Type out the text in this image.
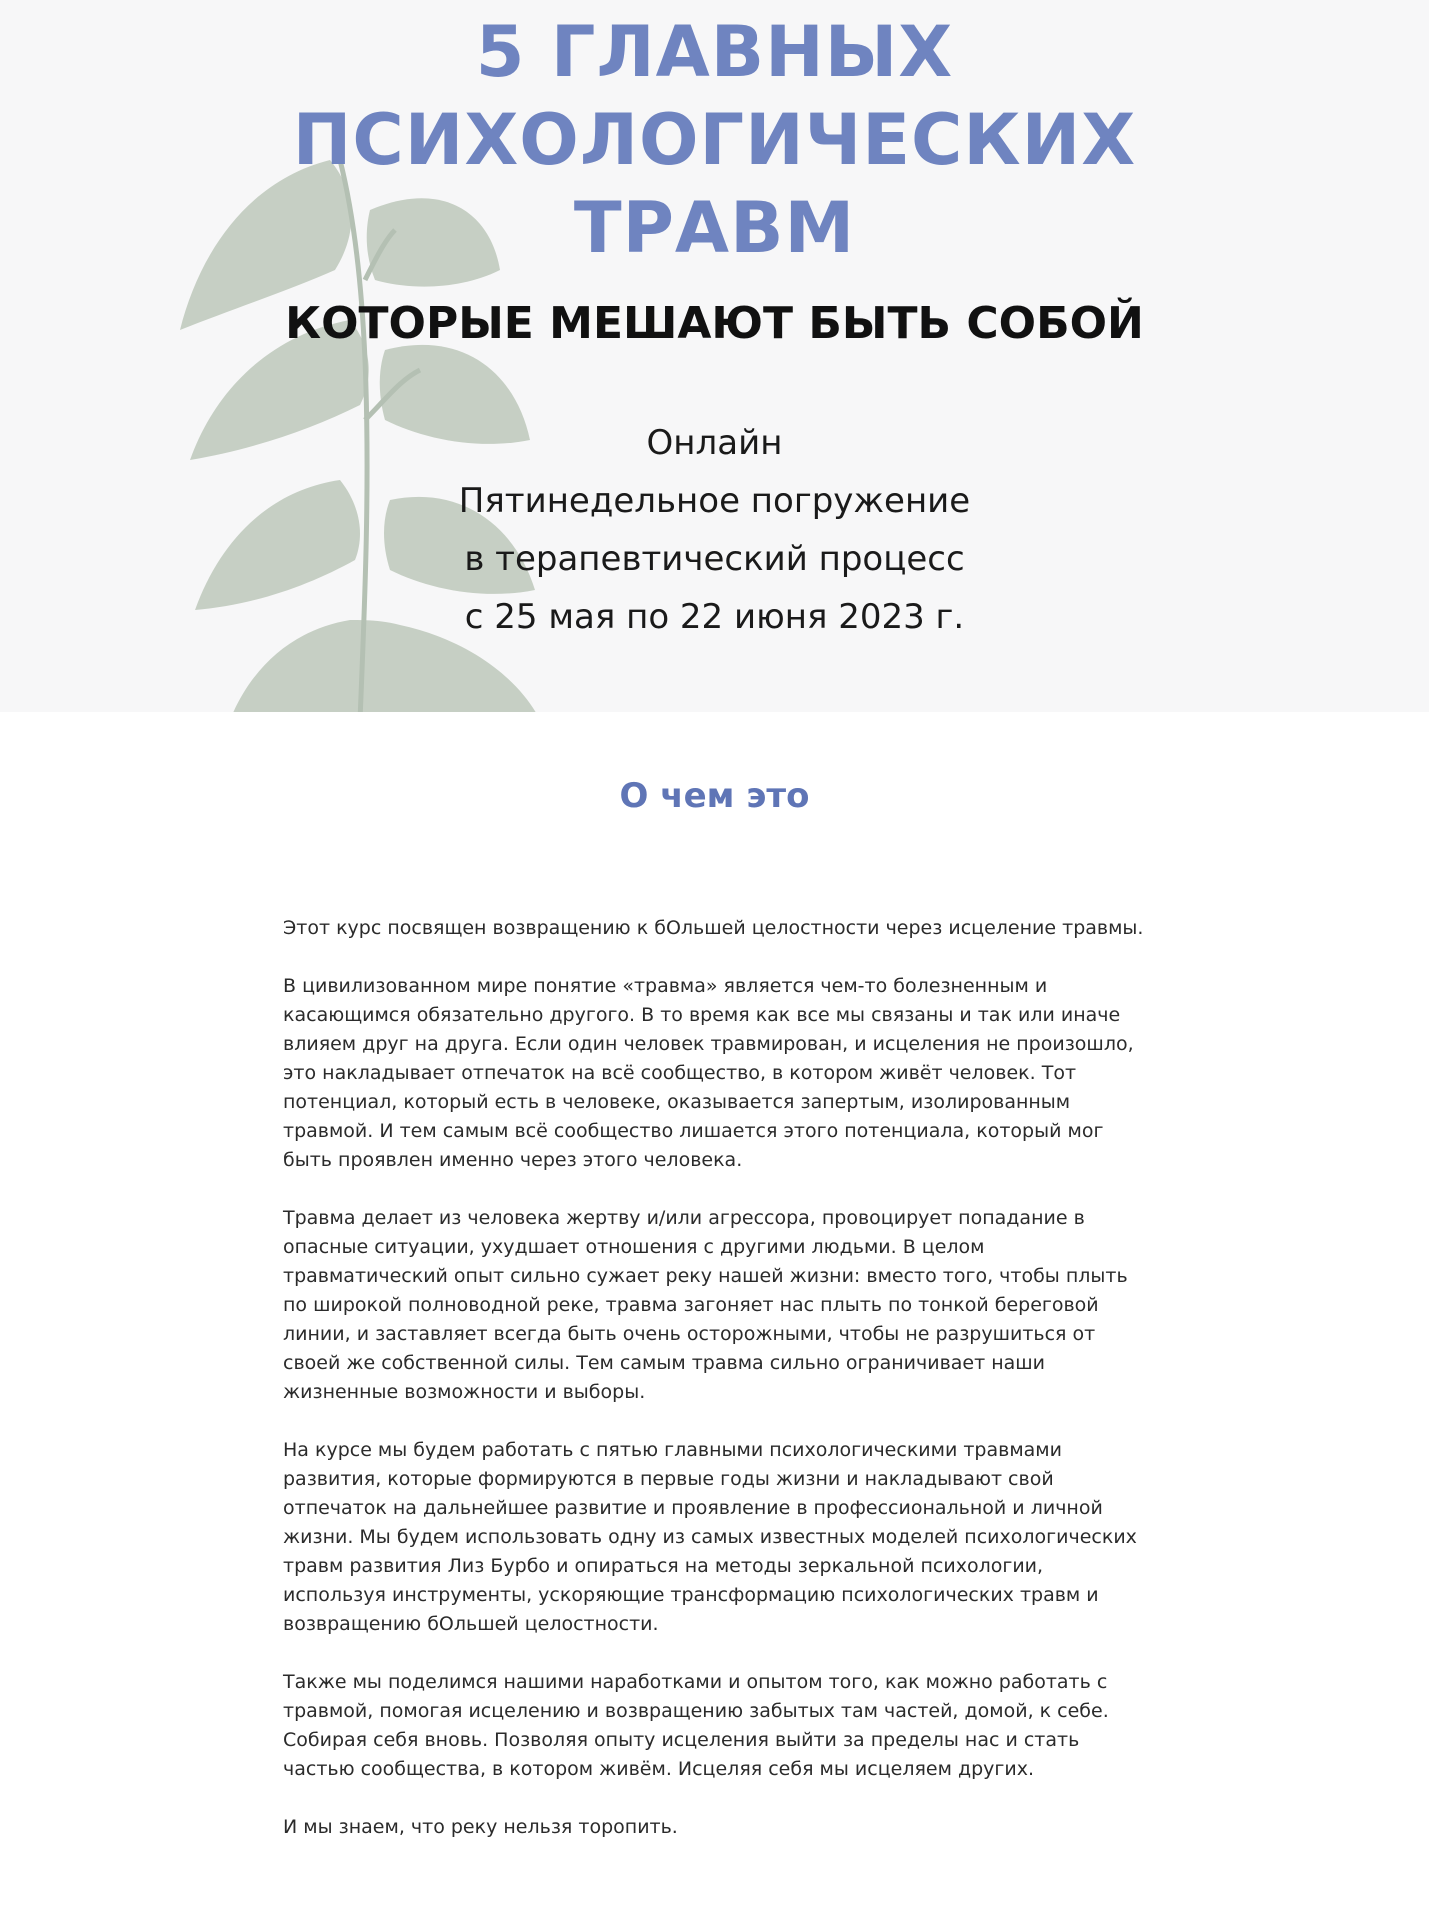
5 ГЛАВНЫХ
ПСИХОЛОГИЧЕСКИХ
ТРАВМ
КОТОРЫЕ МЕШАЮТ БЫТЬ СОБОЙ
Онлайн
Пятинедельное погружение
в терапевтический процесс
с 25 мая по 22 июня 2023 г.
О чем это

Этот курс посвящен возвращению к бОльшей целостности через исцеление травмы.

В цивилизованном мире понятие «травма» является чем-то болезненным и касающимся обязательно другого. В то время как все мы связаны и так или иначе влияем друг на друга. Если один человек травмирован, и исцеления не произошло, это накладывает отпечаток на всё сообщество, в котором живёт человек. Тот потенциал, который есть в человеке, оказывается запертым, изолированным травмой. И тем самым всё сообщество лишается этого потенциала, который мог быть проявлен именно через этого человека.

Травма делает из человека жертву и/или агрессора, провоцирует попадание в опасные ситуации, ухудшает отношения с другими людьми. В целом травматический опыт сильно сужает реку нашей жизни: вместо того, чтобы плыть по широкой полноводной реке, травма загоняет нас плыть по тонкой береговой линии, и заставляет всегда быть очень осторожными, чтобы не разрушиться от своей же собственной силы. Тем самым травма сильно ограничивает наши жизненные возможности и выборы.

На курсе мы будем работать с пятью главными психологическими травмами развития, которые формируются в первые годы жизни и накладывают свой отпечаток на дальнейшее развитие и проявление в профессиональной и личной жизни. Мы будем использовать одну из самых известных моделей психологических травм развития Лиз Бурбо и опираться на методы зеркальной психологии, используя инструменты, ускоряющие трансформацию психологических травм и возвращению бОльшей целостности.

Также мы поделимся нашими наработками и опытом того, как можно работать с травмой, помогая исцелению и возвращению забытых там частей, домой, к себе. Собирая себя вновь. Позволяя опыту исцеления выйти за пределы нас и стать частью сообщества, в котором живём. Исцеляя себя мы исцеляем других.

И мы знаем, что реку нельзя торопить.
